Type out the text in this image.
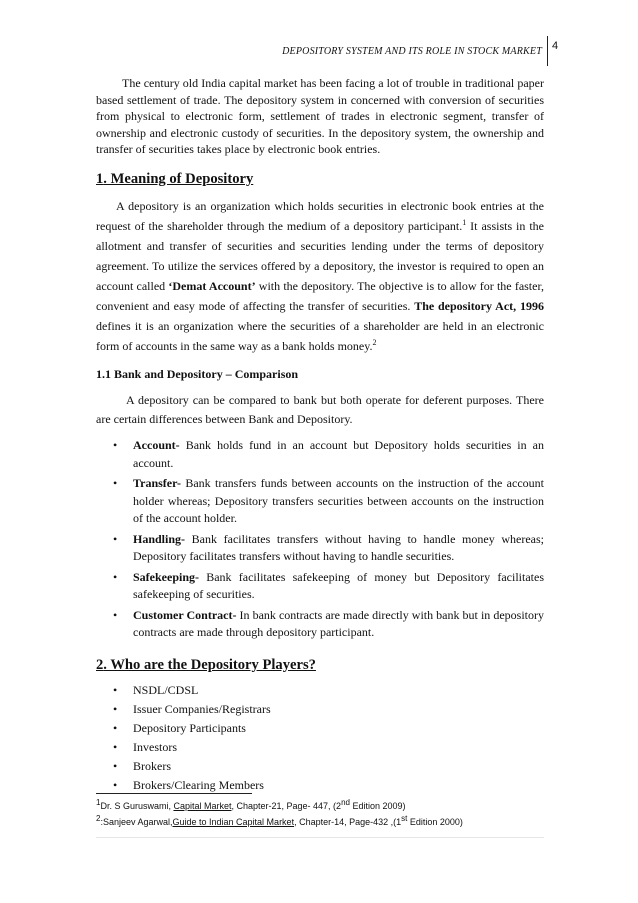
4
DEPOSITORY SYSTEM AND ITS ROLE IN STOCK MARKET

The century old India capital market has been facing a lot of trouble in traditional paper based settlement of trade. The depository system in concerned with conversion of securities from physical to electronic form, settlement of trades in electronic segment, transfer of ownership and electronic custody of securities. In the depository system, the ownership and transfer of securities takes place by electronic book entries.

1. Meaning of Depository

A depository is an organization which holds securities in electronic book entries at the request of the shareholder through the medium of a depository participant.$^1$ It assists in the allotment and transfer of securities and securities lending under the terms of depository agreement. To utilize the services offered by a depository, the investor is required to open an account called ‘Demat Account’ with the depository. The objective is to allow for the faster, convenient and easy mode of affecting the transfer of securities. The depository Act, 1996 defines it is an organization where the securities of a shareholder are held in an electronic form of accounts in the same way as a bank holds money.$^2$

1.1 Bank and Depository – Comparison

A depository can be compared to bank but both operate for deferent purposes. There are certain differences between Bank and Depository.

• Account- Bank holds fund in an account but Depository holds securities in an account.
• Transfer- Bank transfers funds between accounts on the instruction of the account holder whereas; Depository transfers securities between accounts on the instruction of the account holder.
• Handling- Bank facilitates transfers without having to handle money whereas; Depository facilitates transfers without having to handle securities.
• Safekeeping- Bank facilitates safekeeping of money but Depository facilitates safekeeping of securities.
• Customer Contract- In bank contracts are made directly with bank but in depository contracts are made through depository participant.
2. Who are the Depository Players?
• NSDL/CDSL
• Issuer Companies/Registrars
• Depository Participants
• Investors
• Brokers
• Brokers/Clearing Members
$^1$Dr. S Guruswami, Capital Market, Chapter-21, Page- 447, (2nd Edition 2009)
$^2$:Sanjeev Agarwal,Guide to Indian Capital Market, Chapter-14, Page-432 ,(1st Edition 2000)
